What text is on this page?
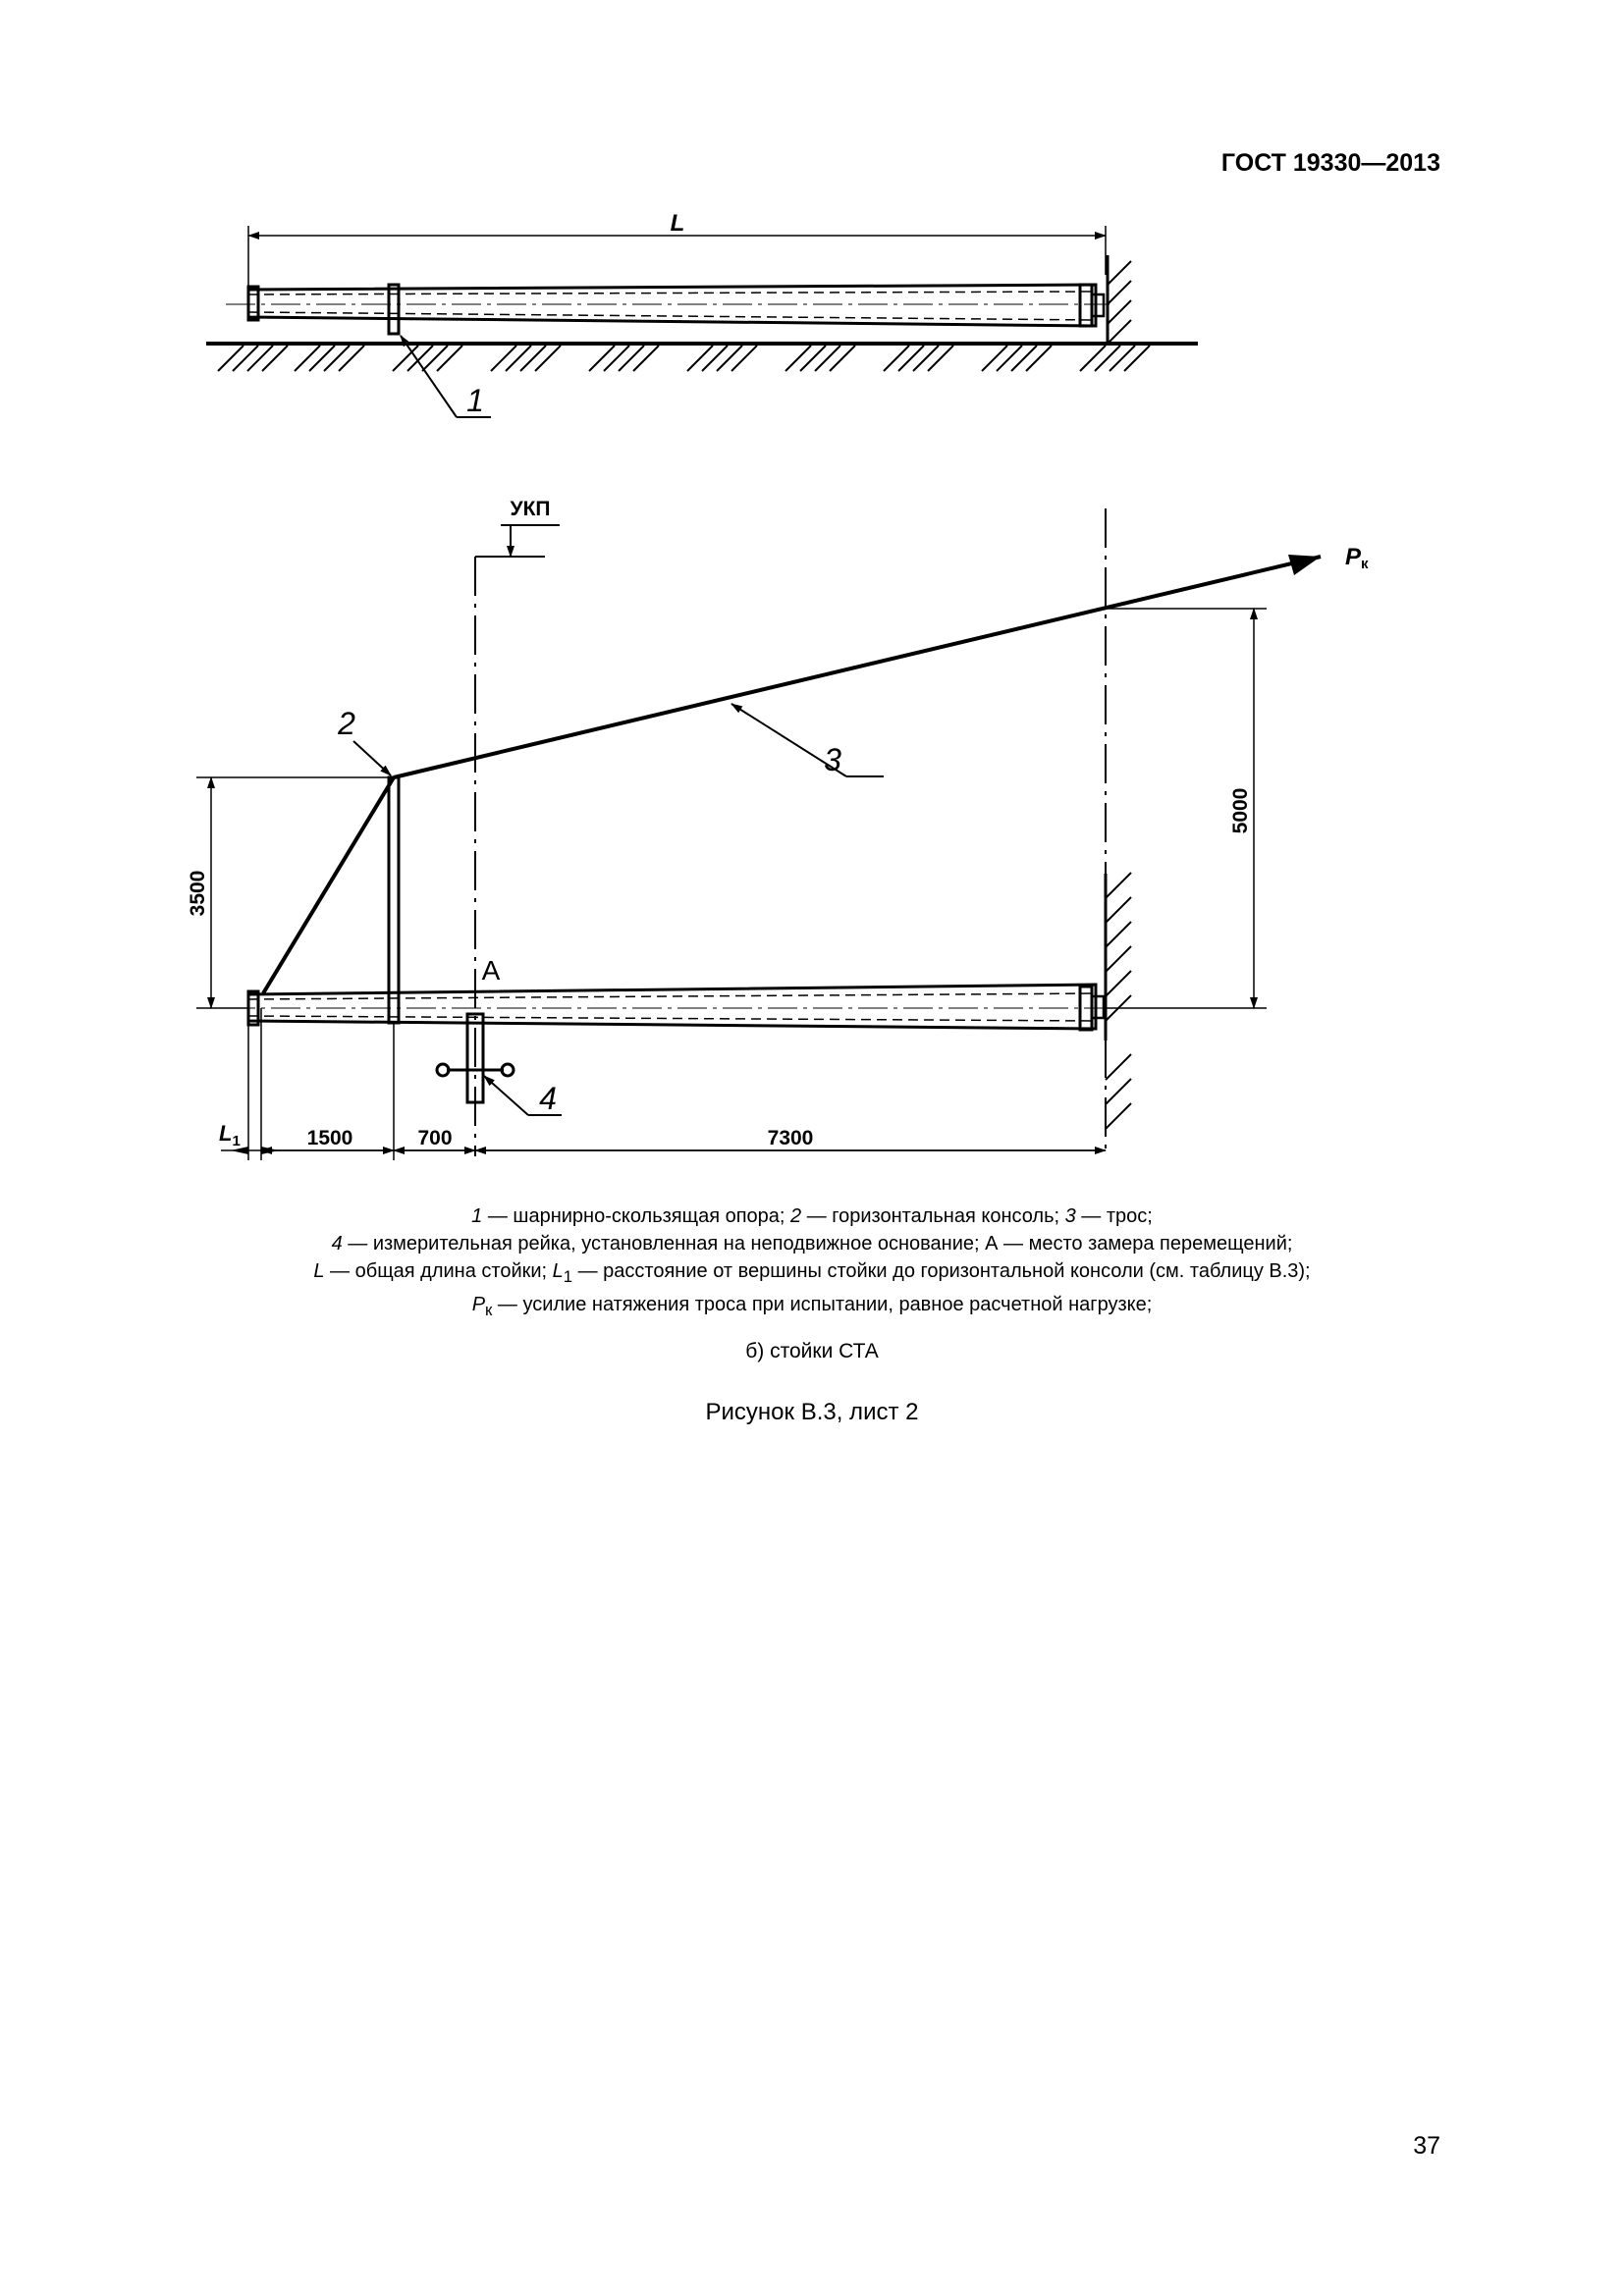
ГОСТ 19330—2013
L
1
УКП
Pк
2
3
4
А
3500
5000
$L_1$	1500	700	7300
1 — шарнирно-скользящая опора; 2 — горизонтальная консоль; 3 — трос;
4 — измерительная рейка, установленная на неподвижное основание; А — место замера перемещений;
L — общая длина стойки; $L_1$ — расстояние от вершины стойки до горизонтальной консоли (см. таблицу В.3);
$P_к$ — усилие натяжения троса при испытании, равное расчетной нагрузке;
б) стойки СТА
Рисунок В.3, лист 2
37
